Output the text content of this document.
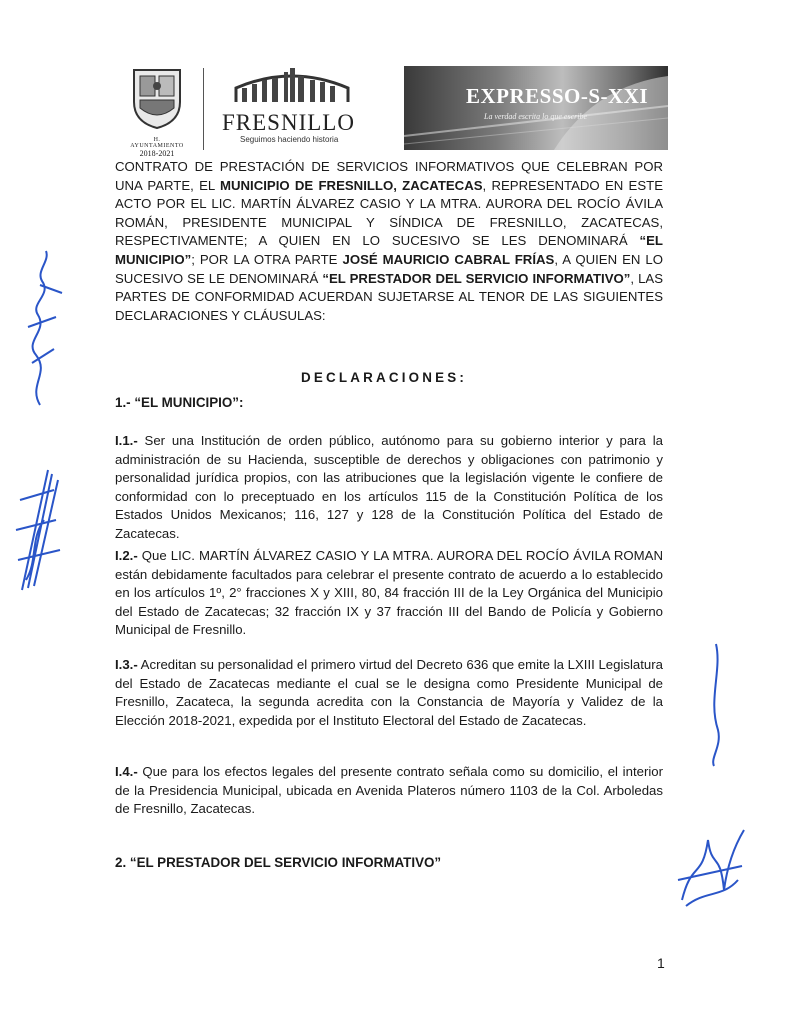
H. AYUNTAMIENTO
2018-2021
FRESNILLO
Seguimos haciendo historia
EXPRESSO-S-XXI
La verdad escrita lo que escribe
CONTRATO DE PRESTACIÓN DE SERVICIOS INFORMATIVOS QUE CELEBRAN POR UNA PARTE, EL MUNICIPIO DE FRESNILLO, ZACATECAS, REPRESENTADO EN ESTE ACTO POR EL LIC. MARTÍN ÁLVAREZ CASIO Y LA MTRA. AURORA DEL ROCÍO ÁVILA ROMÁN, PRESIDENTE MUNICIPAL Y SÍNDICA DE FRESNILLO, ZACATECAS, RESPECTIVAMENTE; A QUIEN EN LO SUCESIVO SE LES DENOMINARÁ “EL MUNICIPIO”; POR LA OTRA PARTE JOSÉ MAURICIO CABRAL FRÍAS, A QUIEN EN LO SUCESIVO SE LE DENOMINARÁ “EL PRESTADOR DEL SERVICIO INFORMATIVO”, LAS PARTES DE CONFORMIDAD ACUERDAN SUJETARSE AL TENOR DE LAS SIGUIENTES DECLARACIONES Y CLÁUSULAS:
DECLARACIONES:
1.- “EL MUNICIPIO”:
I.1.- Ser una Institución de orden público, autónomo para su gobierno interior y para la administración de su Hacienda, susceptible de derechos y obligaciones con patrimonio y personalidad jurídica propios, con las atribuciones que la legislación vigente le confiere de conformidad con lo preceptuado en los artículos 115 de la Constitución Política de los Estados Unidos Mexicanos; 116, 127 y 128 de la Constitución Política del Estado de Zacatecas.
I.2.- Que LIC. MARTÍN ÁLVAREZ CASIO Y LA MTRA. AURORA DEL ROCÍO ÁVILA ROMAN están debidamente facultados para celebrar el presente contrato de acuerdo a lo establecido en los artículos 1º, 2° fracciones X y XIII, 80, 84 fracción III de la Ley Orgánica del Municipio del Estado de Zacatecas; 32 fracción IX y 37 fracción III del Bando de Policía y Gobierno Municipal de Fresnillo.
I.3.- Acreditan su personalidad el primero virtud del Decreto 636 que emite la LXIII Legislatura del Estado de Zacatecas mediante el cual se le designa como Presidente Municipal de Fresnillo, Zacateca, la segunda acredita con la Constancia de Mayoría y Validez de la Elección 2018-2021, expedida por el Instituto Electoral del Estado de Zacatecas.
I.4.- Que para los efectos legales del presente contrato señala como su domicilio, el interior de la Presidencia Municipal, ubicada en Avenida Plateros número 1103 de la Col. Arboledas de Fresnillo, Zacatecas.
2. “EL PRESTADOR DEL SERVICIO INFORMATIVO”
1
